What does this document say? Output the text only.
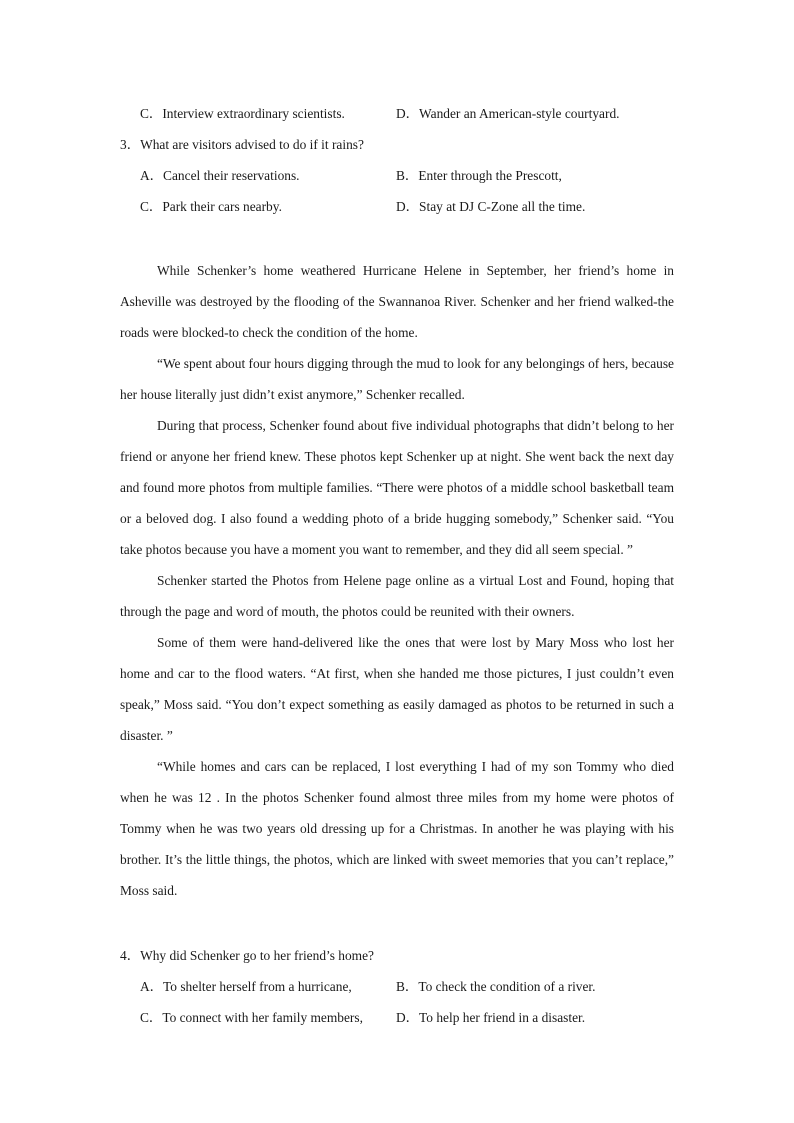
C．Interview extraordinary scientists.	D．Wander an American-style courtyard.
3．What are visitors advised to do if it rains?
A．Cancel their reservations.	B．Enter through the Prescott,
C．Park their cars nearby.	D．Stay at DJ C-Zone all the time.

While Schenker’s home weathered Hurricane Helene in September, her friend’s home in Asheville was destroyed by the flooding of the Swannanoa River. Schenker and her friend walked-the roads were blocked-to check the condition of the home.

“We spent about four hours digging through the mud to look for any belongings of hers, because her house literally just didn’t exist anymore,” Schenker recalled.

During that process, Schenker found about five individual photographs that didn’t belong to her friend or anyone her friend knew. These photos kept Schenker up at night. She went back the next day and found more photos from multiple families. “There were photos of a middle school basketball team or a beloved dog. I also found a wedding photo of a bride hugging somebody,” Schenker said. “You take photos because you have a moment you want to remember, and they did all seem special. ”

Schenker started the Photos from Helene page online as a virtual Lost and Found, hoping that through the page and word of mouth, the photos could be reunited with their owners.

Some of them were hand-delivered like the ones that were lost by Mary Moss who lost her home and car to the flood waters. “At first, when she handed me those pictures, I just couldn’t even speak,” Moss said. “You don’t expect something as easily damaged as photos to be returned in such a disaster. ”

“While homes and cars can be replaced, I lost everything I had of my son Tommy who died when he was 12 . In the photos Schenker found almost three miles from my home were photos of Tommy when he was two years old dressing up for a Christmas. In another he was playing with his brother. It’s the little things, the photos, which are linked with sweet memories that you can’t replace,” Moss said.

4．Why did Schenker go to her friend’s home?
A．To shelter herself from a hurricane,	B．To check the condition of a river.
C．To connect with her family members, D．To help her friend in a disaster.
